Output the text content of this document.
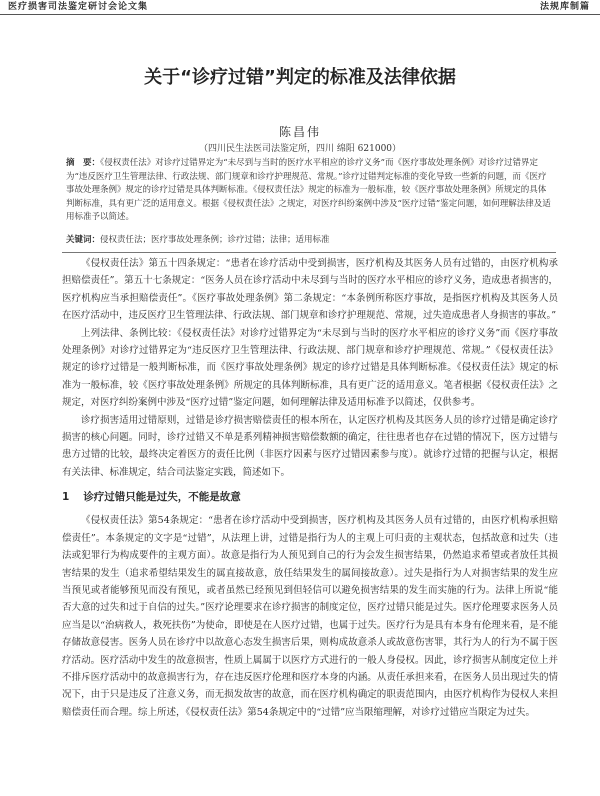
医疗损害司法鉴定研讨会论文集	法规库制篇
关于“诊疗过错”判定的标准及法律依据
陈昌伟
（四川民生法医司法鉴定所，四川 绵阳 621000）
摘　要：《侵权责任法》对诊疗过错界定为“未尽到与当时的医疗水平相应的诊疗义务”而《医疗事故处理条例》对诊疗过错界定为“违反医疗卫生管理法律、行政法规、部门规章和诊疗护理规范、常规。”诊疗过错判定标准的变化导致一些新的问题，而《医疗事故处理条例》规定的诊疗过错是具体判断标准。《侵权责任法》规定的标准为一般标准，较《医疗事故处理条例》所规定的具体判断标准，具有更广泛的适用意义。根据《侵权责任法》之规定，对医疗纠纷案例中涉及“医疗过错”鉴定问题，如何理解法律及适用标准予以简述。
关键词：侵权责任法；医疗事故处理条例；诊疗过错；法律；适用标准

《侵权责任法》第五十四条规定：“患者在诊疗活动中受到损害，医疗机构及其医务人员有过错的，由医疗机构承担赔偿责任”。第五十七条规定：“医务人员在诊疗活动中未尽到与当时的医疗水平相应的诊疗义务，造成患者损害的，医疗机构应当承担赔偿责任”。《医疗事故处理条例》第二条规定：“本条例所称医疗事故，是指医疗机构及其医务人员在医疗活动中，违反医疗卫生管理法律、行政法规、部门规章和诊疗护理规范、常规，过失造成患者人身损害的事故。”

上列法律、条例比较：《侵权责任法》对诊疗过错界定为“未尽到与当时的医疗水平相应的诊疗义务”而《医疗事故处理条例》对诊疗过错界定为“违反医疗卫生管理法律、行政法规、部门规章和诊疗护理规范、常规。”《侵权责任法》规定的诊疗过错是一般判断标准，而《医疗事故处理条例》规定的诊疗过错是具体判断标准。《侵权责任法》规定的标准为一般标准，较《医疗事故处理条例》所规定的具体判断标准，具有更广泛的适用意义。笔者根据《侵权责任法》之规定，对医疗纠纷案例中涉及“医疗过错”鉴定问题，如何理解法律及适用标准予以简述，仅供参考。

诊疗损害适用过错原则，过错是诊疗损害赔偿责任的根本所在，认定医疗机构及其医务人员的诊疗过错是确定诊疗损害的核心问题。同时，诊疗过错又不单是系列精神损害赔偿数额的确定，往往患者也存在过错的情况下，医方过错与患方过错的比较，最终决定着医方的责任比例（非医疗因素与医疗过错因素参与度）。就诊疗过错的把握与认定，根据有关法律、标准规定，结合司法鉴定实践，简述如下。

1 诊疗过错只能是过失，不能是故意

《侵权责任法》第54条规定：“患者在诊疗活动中受到损害，医疗机构及其医务人员有过错的，由医疗机构承担赔偿责任”。本条规定的文字是“过错”，从法理上讲，过错是指行为人的主观上可归责的主观状态，包括故意和过失（违法或犯罪行为构成要件的主观方面）。故意是指行为人预见到自己的行为会发生损害结果，仍然追求希望或者放任其损害结果的发生（追求希望结果发生的属直接故意，放任结果发生的属间接故意）。过失是指行为人对损害结果的发生应当预见或者能够预见而没有预见，或者虽然已经预见到但轻信可以避免损害结果的发生而实施的行为。法律上所说“能否大意的过失和过于自信的过失。”医疗论理要求在诊疗损害的制度定位，医疗过错只能是过失。医疗伦理要求医务人员应当是以“治病救人，救死扶伤”为使命，即使是在人医疗过错，也属于过失。医疗行为是具有本身有伦理来看，是不能存储故意侵害。医务人员在诊疗中以故意心态发生损害后果，则构成故意杀人或故意伤害罪，其行为人的行为不属于医疗活动。医疗活动中发生的故意损害，性质上属属于以医疗方式进行的一般人身侵权。因此，诊疗损害从制度定位上并不排斥医疗活动中的故意损害行为，存在违反医疗伦理和医疗本身的内涵。从责任承担来看，在医务人员出现过失的情况下，由于只是违反了注意义务，而无损发故害的故意，而在医疗机构确定的职责范围内，由医疗机构作为侵权人来担赔偿责任而合理。综上所述，《侵权责任法》第54条规定中的“过错”应当限缩理解，对诊疗过错应当限定为过失。
